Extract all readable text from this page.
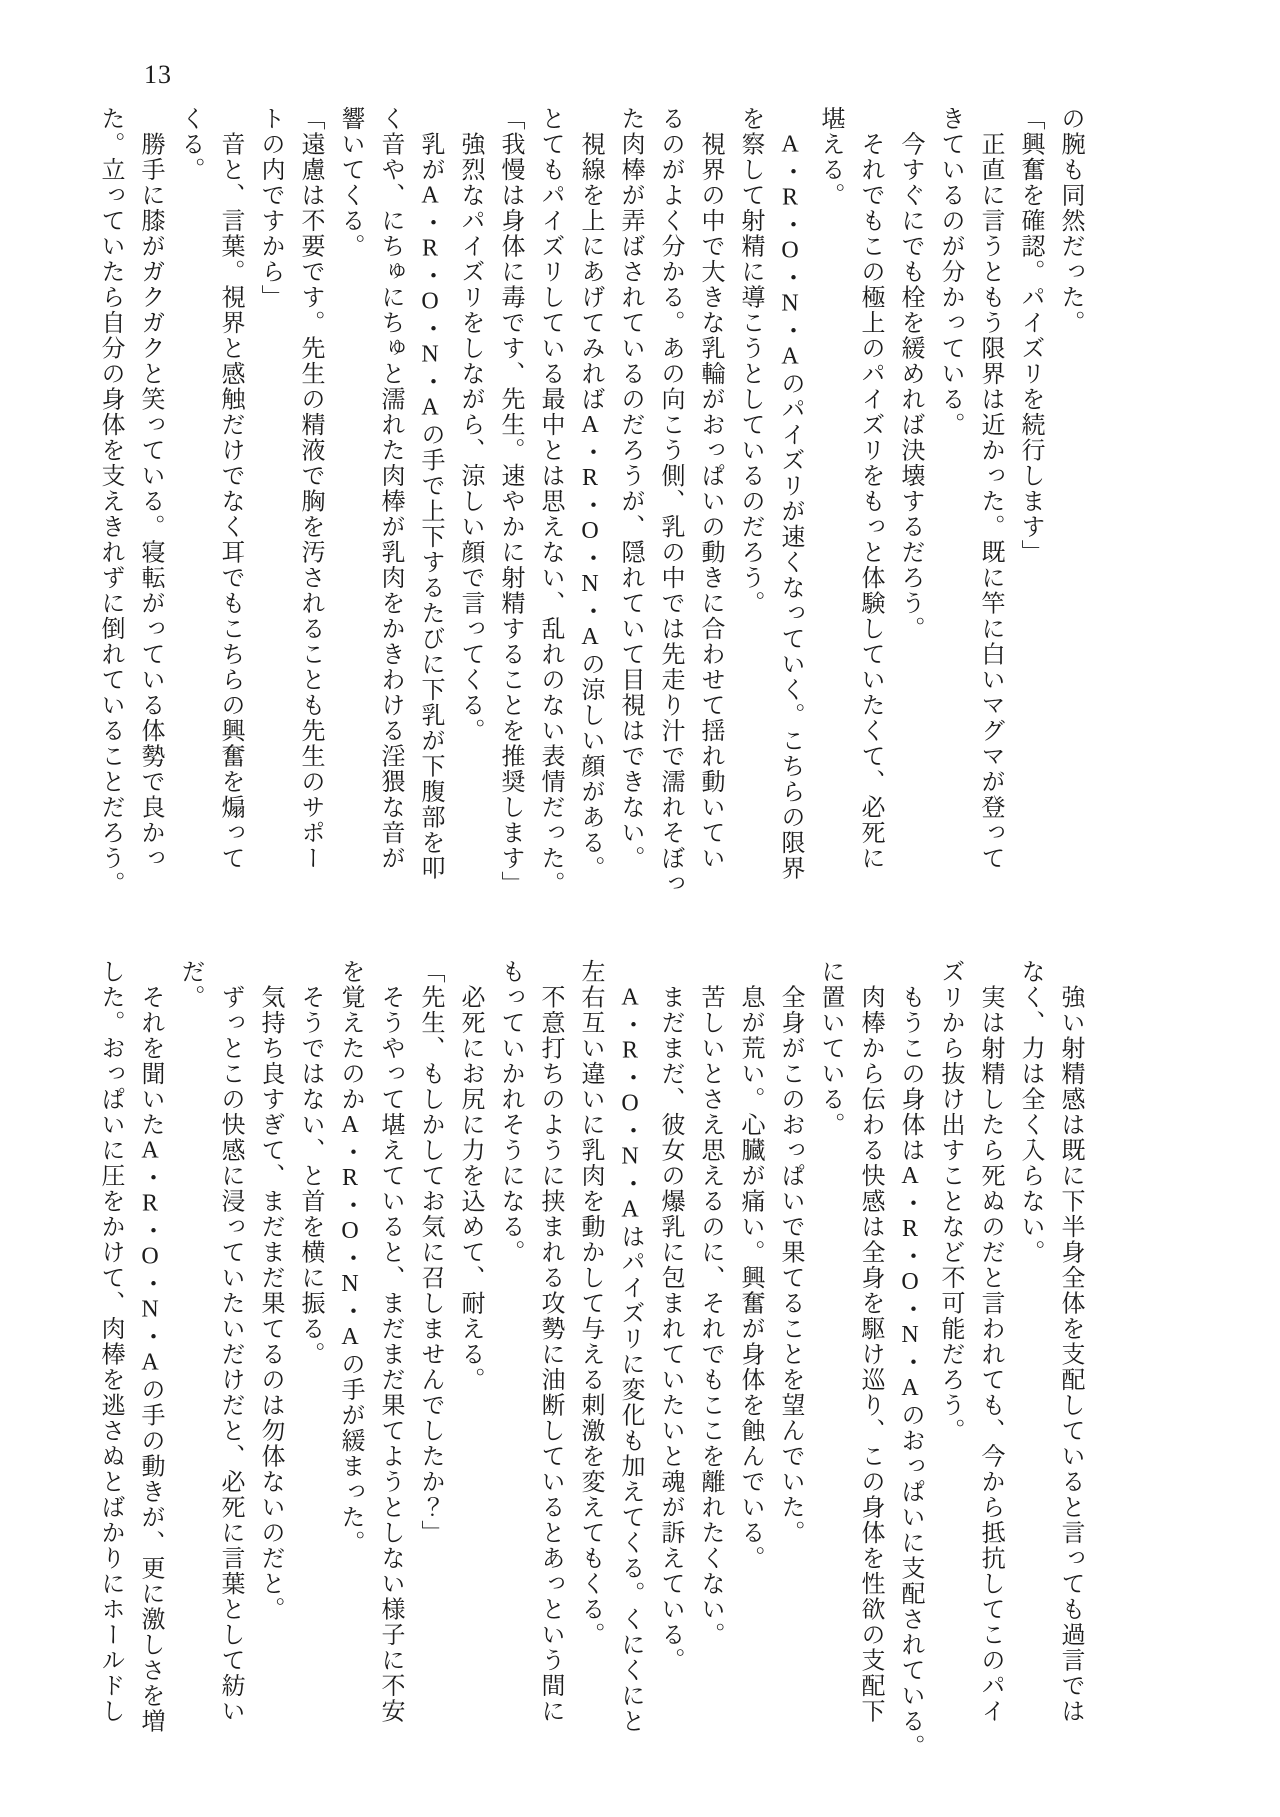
13
の腕も同然だった。
「興奮を確認。パイズリを続行します」
　正直に言うともう限界は近かった。既に竿に白いマグマが登って
きているのが分かっている。
　今すぐにでも栓を緩めれば決壊するだろう。
　それでもこの極上のパイズリをもっと体験していたくて、必死に
堪える。
　A・R・O・N・Aのパイズリが速くなっていく。こちらの限界
を察して射精に導こうとしているのだろう。
　視界の中で大きな乳輪がおっぱいの動きに合わせて揺れ動いてい
るのがよく分かる。あの向こう側、乳の中では先走り汁で濡れそぼっ
た肉棒が弄ばされているのだろうが、隠れていて目視はできない。
　視線を上にあげてみればA・R・O・N・Aの涼しい顔がある。
とてもパイズリしている最中とは思えない、乱れのない表情だった。
「我慢は身体に毒です、先生。速やかに射精することを推奨します」
　強烈なパイズリをしながら、涼しい顔で言ってくる。
　乳がA・R・O・N・Aの手で上下するたびに下乳が下腹部を叩
く音や、にちゅにちゅと濡れた肉棒が乳肉をかきわける淫猥な音が
響いてくる。
「遠慮は不要です。先生の精液で胸を汚されることも先生のサポー
トの内ですから」
　音と、言葉。視界と感触だけでなく耳でもこちらの興奮を煽って
くる。
　勝手に膝がガクガクと笑っている。寝転がっている体勢で良かっ
た。立っていたら自分の身体を支えきれずに倒れていることだろう。
　強い射精感は既に下半身全体を支配していると言っても過言では
なく、力は全く入らない。
　実は射精したら死ぬのだと言われても、今から抵抗してこのパイ
ズリから抜け出すことなど不可能だろう。
　もうこの身体はA・R・O・N・Aのおっぱいに支配されている。
　肉棒から伝わる快感は全身を駆け巡り、この身体を性欲の支配下
に置いている。
　全身がこのおっぱいで果てることを望んでいた。
　息が荒い。心臓が痛い。興奮が身体を蝕んでいる。
　苦しいとさえ思えるのに、それでもここを離れたくない。
　まだまだ、彼女の爆乳に包まれていたいと魂が訴えている。
　A・R・O・N・Aはパイズリに変化も加えてくる。くにくにと
左右互い違いに乳肉を動かして与える刺激を変えてもくる。
　不意打ちのように挟まれる攻勢に油断しているとあっという間に
もっていかれそうになる。
　必死にお尻に力を込めて、耐える。
「先生、もしかしてお気に召しませんでしたか？」
　そうやって堪えていると、まだまだ果てようとしない様子に不安
を覚えたのかA・R・O・N・Aの手が緩まった。
　そうではない、と首を横に振る。
　気持ち良すぎて、まだまだ果てるのは勿体ないのだと。
　ずっとこの快感に浸っていたいだけだと、必死に言葉として紡い
だ。
　それを聞いたA・R・O・N・Aの手の動きが、更に激しさを増
した。おっぱいに圧をかけて、肉棒を逃さぬとばかりにホールドし
